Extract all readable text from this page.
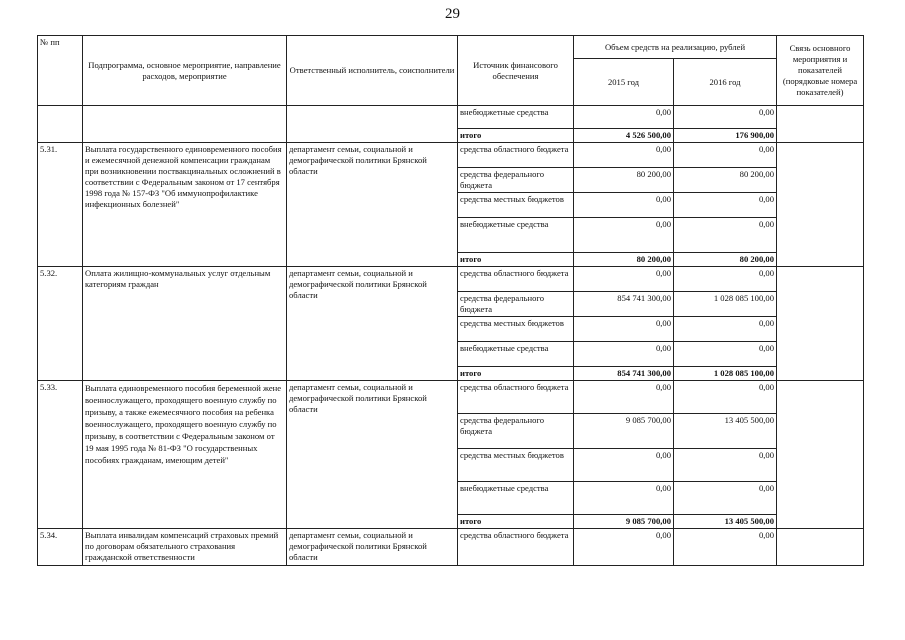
29
№ пп	Подпрограмма, основное мероприятие, направление расходов, мероприятие	Ответственный исполнитель, соисполнители	Источник финансового обеспечения	Объем средств на реализацию, рублей		Связь основного мероприятия и показателей (порядковые номера показателей)
				2015 год	2016 год	
			внебюджетные средства	0,00	0,00	
			итого	4 526 500,00	176 900,00	
5.31.	Выплата государственного единовременного пособия и ежемесячной денежной компенсации гражданам при возникновении поствакцинальных осложнений в соответствии с Федеральным законом от 17 сентября 1998 года № 157-ФЗ "Об иммунопрофилактике инфекционных болезней"	департамент семьи, социальной и демографической политики Брянской области	средства областного бюджета	0,00	0,00	
			средства федерального бюджета	80 200,00	80 200,00	
			средства местных бюджетов	0,00	0,00	
			внебюджетные средства	0,00	0,00	
			итого	80 200,00	80 200,00	
5.32.	Оплата жилищно-коммунальных услуг отдельным категориям граждан	департамент семьи, социальной и демографической политики Брянской области	средства областного бюджета	0,00	0,00	
			средства федерального бюджета	854 741 300,00	1 028 085 100,00	
			средства местных бюджетов	0,00	0,00	
			внебюджетные средства	0,00	0,00	
			итого	854 741 300,00	1 028 085 100,00	
5.33.	Выплата единовременного пособия беременной жене военнослужащего, проходящего военную службу по призыву, а также ежемесячного пособия на ребенка военнослужащего, проходящего военную службу по призыву, в соответствии с Федеральным законом от 19 мая 1995 года № 81-ФЗ "О государственных пособиях гражданам, имеющим детей"	департамент семьи, социальной и демографической политики Брянской области	средства областного бюджета	0,00	0,00	
			средства федерального бюджета	9 085 700,00	13 405 500,00	
			средства местных бюджетов	0,00	0,00	
			внебюджетные средства	0,00	0,00	
			итого	9 085 700,00	13 405 500,00	
5.34.	Выплата инвалидам компенсаций страховых премий по договорам обязательного страхования гражданской ответственности	департамент семьи, социальной и демографической политики Брянской области	средства областного бюджета	0,00	0,00	
